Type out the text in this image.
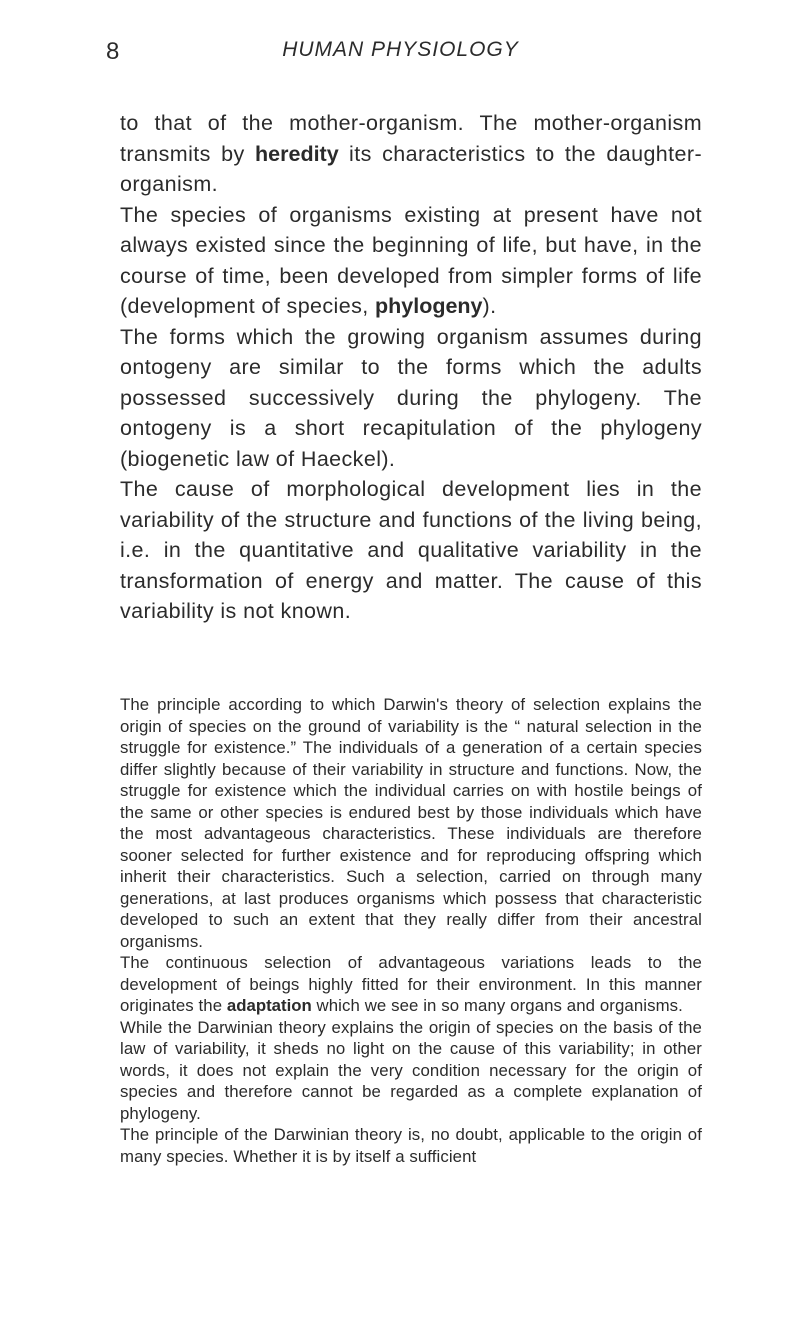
8	HUMAN PHYSIOLOGY

to that of the mother-organism. The mother-organism transmits by heredity its characteristics to the daughter-organism.

The species of organisms existing at present have not always existed since the beginning of life, but have, in the course of time, been developed from simpler forms of life (development of species, phylogeny).

The forms which the growing organism assumes during ontogeny are similar to the forms which the adults possessed successively during the phylogeny. The ontogeny is a short recapitulation of the phylogeny (biogenetic law of Haeckel).

The cause of morphological development lies in the variability of the structure and functions of the living being, i.e. in the quantitative and qualitative variability in the transformation of energy and matter. The cause of this variability is not known.

The principle according to which Darwin's theory of selection explains the origin of species on the ground of variability is the “ natural selection in the struggle for existence.” The individuals of a generation of a certain species differ slightly because of their variability in structure and functions. Now, the struggle for existence which the individual carries on with hostile beings of the same or other species is endured best by those individuals which have the most advantageous characteristics. These individuals are therefore sooner selected for further existence and for reproducing offspring which inherit their characteristics. Such a selection, carried on through many generations, at last produces organisms which possess that characteristic developed to such an extent that they really differ from their ancestral organisms.

The continuous selection of advantageous variations leads to the development of beings highly fitted for their environment. In this manner originates the adaptation which we see in so many organs and organisms.

While the Darwinian theory explains the origin of species on the basis of the law of variability, it sheds no light on the cause of this variability; in other words, it does not explain the very condition necessary for the origin of species and therefore cannot be regarded as a complete explanation of phylogeny.

The principle of the Darwinian theory is, no doubt, applicable to the origin of many species. Whether it is by itself a sufficient
